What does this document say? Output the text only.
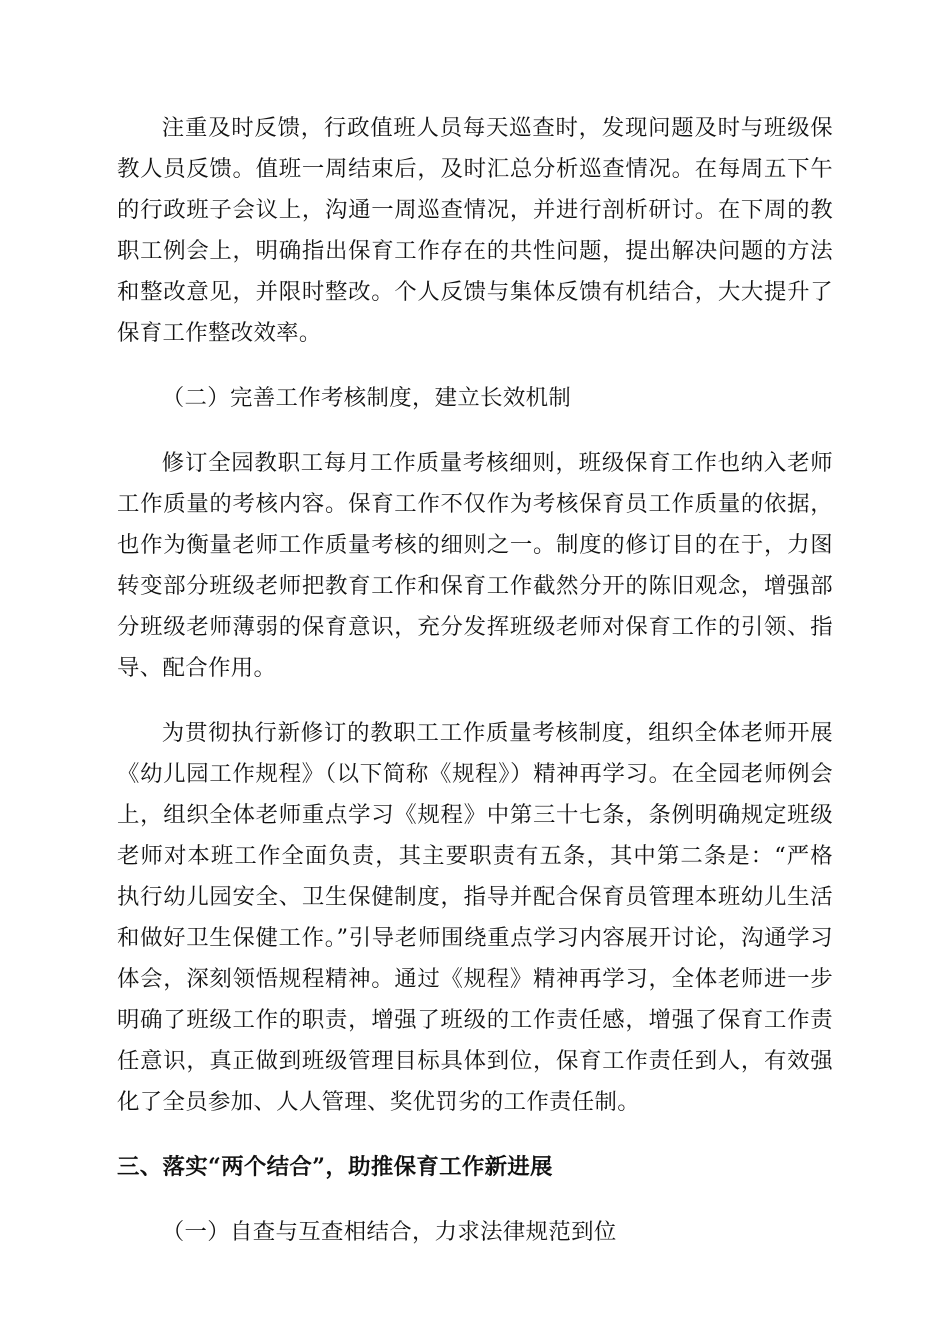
注重及时反馈，行政值班人员每天巡查时，发现问题及时与班级保教人员反馈。值班一周结束后，及时汇总分析巡查情况。在每周五下午的行政班子会议上，沟通一周巡查情况，并进行剖析研讨。在下周的教职工例会上，明确指出保育工作存在的共性问题，提出解决问题的方法和整改意见，并限时整改。个人反馈与集体反馈有机结合，大大提升了保育工作整改效率。

（二）完善工作考核制度，建立长效机制

修订全园教职工每月工作质量考核细则，班级保育工作也纳入老师工作质量的考核内容。保育工作不仅作为考核保育员工作质量的依据，也作为衡量老师工作质量考核的细则之一。制度的修订目的在于，力图转变部分班级老师把教育工作和保育工作截然分开的陈旧观念，增强部分班级老师薄弱的保育意识，充分发挥班级老师对保育工作的引领、指导、配合作用。

为贯彻执行新修订的教职工工作质量考核制度，组织全体老师开展《幼儿园工作规程》（以下简称《规程》）精神再学习。在全园老师例会上，组织全体老师重点学习《规程》中第三十七条，条例明确规定班级老师对本班工作全面负责，其主要职责有五条，其中第二条是：“严格执行幼儿园安全、卫生保健制度，指导并配合保育员管理本班幼儿生活和做好卫生保健工作。”引导老师围绕重点学习内容展开讨论，沟通学习体会，深刻领悟规程精神。通过《规程》精神再学习，全体老师进一步明确了班级工作的职责，增强了班级的工作责任感，增强了保育工作责任意识，真正做到班级管理目标具体到位，保育工作责任到人，有效强化了全员参加、人人管理、奖优罚劣的工作责任制。

三、落实“两个结合”，助推保育工作新进展

（一）自查与互查相结合，力求法律规范到位
